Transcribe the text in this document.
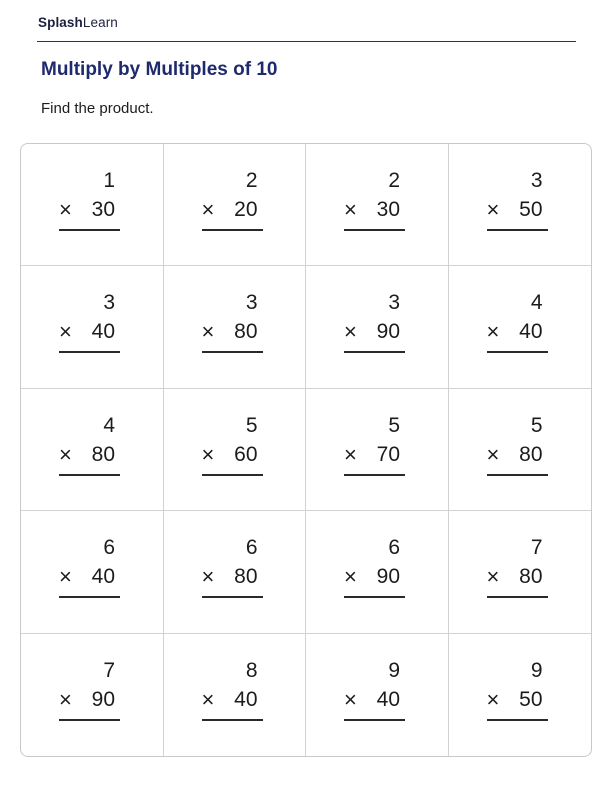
SplashLearn
Multiply by Multiples of 10
Find the product.
1
× 30
2
× 20
2
× 30
3
× 50
3
× 40
3
× 80
3
× 90
4
× 40
4
× 80
5
× 60
5
× 70
5
× 80
6
× 40
6
× 80
6
× 90
7
× 80
7
× 90
8
× 40
9
× 40
9
× 50
